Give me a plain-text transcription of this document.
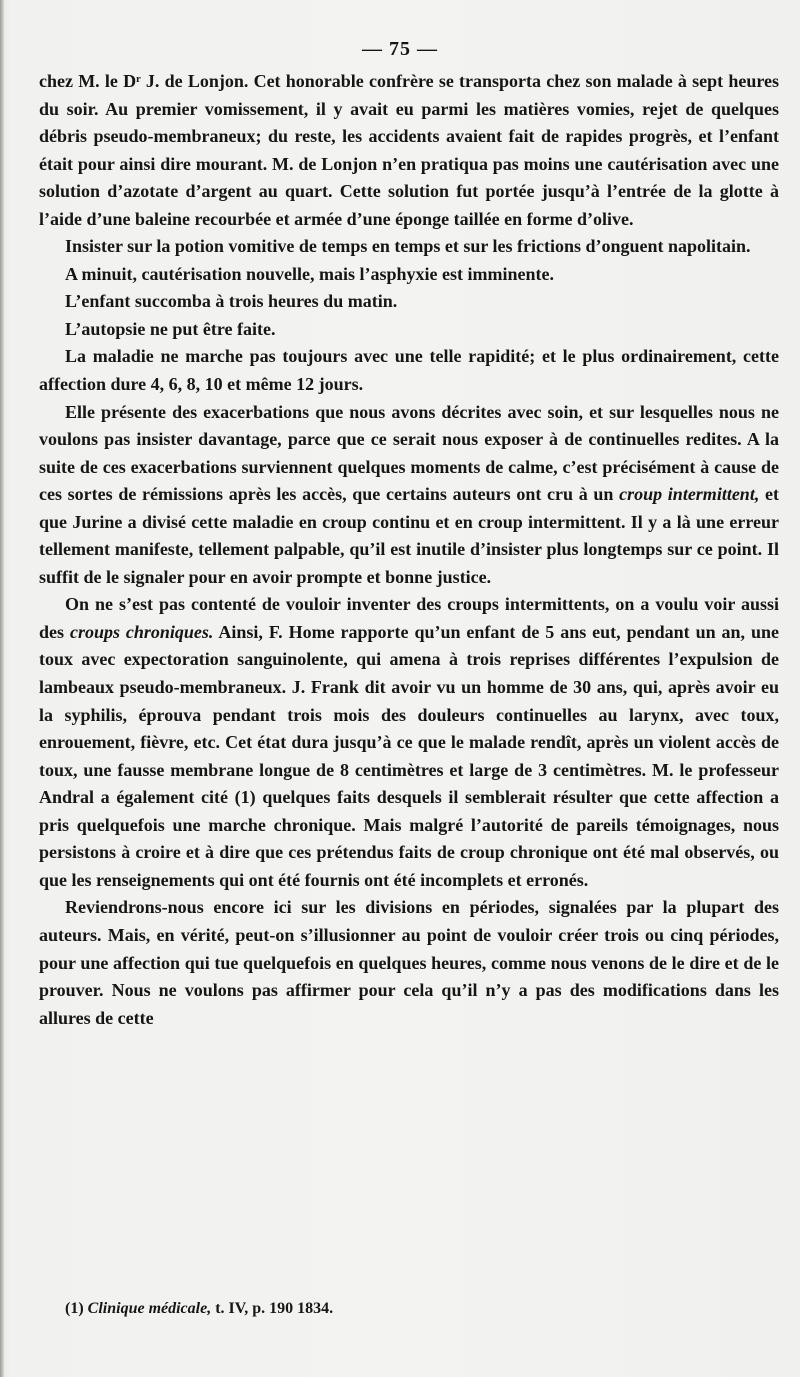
— 75 —

chez M. le Dʳ J. de Lonjon. Cet honorable confrère se transporta chez son malade à sept heures du soir. Au premier vomissement, il y avait eu parmi les matières vomies, rejet de quelques débris pseudo-membraneux; du reste, les accidents avaient fait de rapides progrès, et l’enfant était pour ainsi dire mourant. M. de Lonjon n’en pratiqua pas moins une cautérisation avec une solution d’azotate d’argent au quart. Cette solution fut portée jusqu’à l’entrée de la glotte à l’aide d’une baleine recourbée et armée d’une éponge taillée en forme d’olive.

Insister sur la potion vomitive de temps en temps et sur les frictions d’onguent napolitain.

A minuit, cautérisation nouvelle, mais l’asphyxie est imminente.

L’enfant succomba à trois heures du matin.

L’autopsie ne put être faite.

La maladie ne marche pas toujours avec une telle rapidité; et le plus ordinairement, cette affection dure 4, 6, 8, 10 et même 12 jours.

Elle présente des exacerbations que nous avons décrites avec soin, et sur lesquelles nous ne voulons pas insister davantage, parce que ce serait nous exposer à de continuelles redites. A la suite de ces exacerbations surviennent quelques moments de calme, c’est précisément à cause de ces sortes de rémissions après les accès, que certains auteurs ont cru à un croup intermittent, et que Jurine a divisé cette maladie en croup continu et en croup intermittent. Il y a là une erreur tellement manifeste, tellement palpable, qu’il est inutile d’insister plus longtemps sur ce point. Il suffit de le signaler pour en avoir prompte et bonne justice.

On ne s’est pas contenté de vouloir inventer des croups intermittents, on a voulu voir aussi des croups chroniques. Ainsi, F. Home rapporte qu’un enfant de 5 ans eut, pendant un an, une toux avec expectoration sanguinolente, qui amena à trois reprises différentes l’expulsion de lambeaux pseudo-membraneux. J. Frank dit avoir vu un homme de 30 ans, qui, après avoir eu la syphilis, éprouva pendant trois mois des douleurs continuelles au larynx, avec toux, enrouement, fièvre, etc. Cet état dura jusqu’à ce que le malade rendît, après un violent accès de toux, une fausse membrane longue de 8 centimètres et large de 3 centimètres. M. le professeur Andral a également cité (1) quelques faits desquels il semblerait résulter que cette affection a pris quelquefois une marche chronique. Mais malgré l’autorité de pareils témoignages, nous persistons à croire et à dire que ces prétendus faits de croup chronique ont été mal observés, ou que les renseignements qui ont été fournis ont été incomplets et erronés.

Reviendrons-nous encore ici sur les divisions en périodes, signalées par la plupart des auteurs. Mais, en vérité, peut-on s’illusionner au point de vouloir créer trois ou cinq périodes, pour une affection qui tue quelquefois en quelques heures, comme nous venons de le dire et de le prouver. Nous ne voulons pas affirmer pour cela qu’il n’y a pas des modifications dans les allures de cette

(1) Clinique médicale, t. IV, p. 190 1834.
